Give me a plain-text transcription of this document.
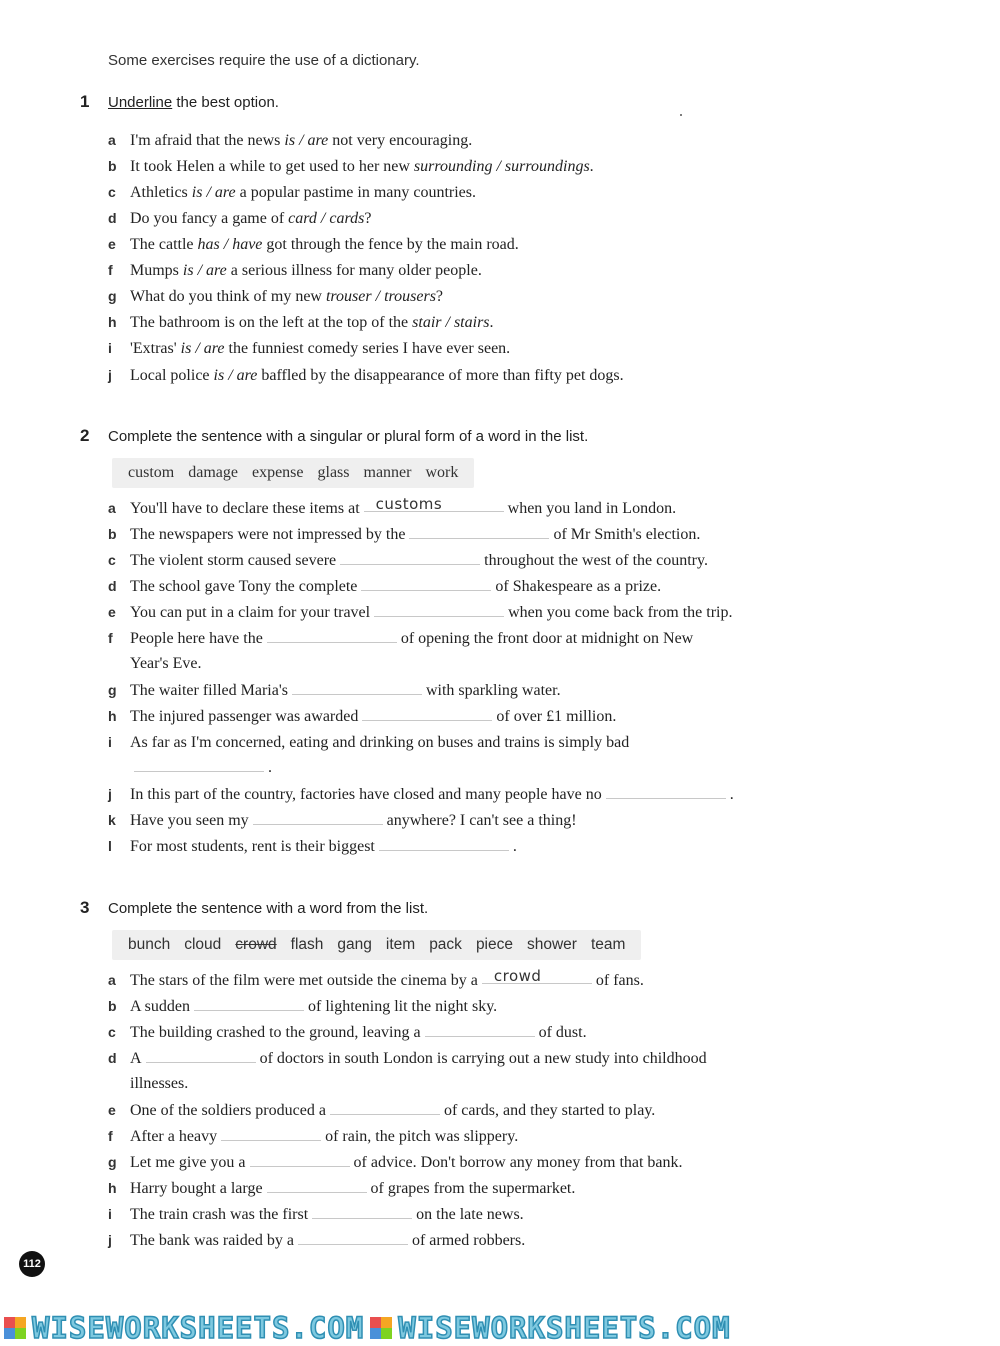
Some exercises require the use of a dictionary.
1 Underline the best option.
a I'm afraid that the news is / are not very encouraging.
b It took Helen a while to get used to her new surrounding / surroundings.
c Athletics is / are a popular pastime in many countries.
d Do you fancy a game of card / cards?
e The cattle has / have got through the fence by the main road.
f Mumps is / are a serious illness for many older people.
g What do you think of my new trouser / trousers?
h The bathroom is on the left at the top of the stair / stairs.
i 'Extras' is / are the funniest comedy series I have ever seen.
j Local police is / are baffled by the disappearance of more than fifty pet dogs.
2 Complete the sentence with a singular or plural form of a word in the list.
custom damage expense glass manner work
a You'll have to declare these items at customs	when you land in London.
b The newspapers were not impressed by the	of Mr Smith's election.
c The violent storm caused severe	throughout the west of the country.
d The school gave Tony the complete	of Shakespeare as a prize.
e You can put in a claim for your travel	when you come back from the trip.
f People here have the	of opening the front door at midnight on New
Year's Eve.
g The waiter filled Maria's	with sparkling water.
h The injured passenger was awarded	of over £1 million.
i As far as I'm concerned, eating and drinking on buses and trains is simply bad
.
j In this part of the country, factories have closed and many people have no	.
k Have you seen my	anywhere? I can't see a thing!
l For most students, rent is their biggest	.
3 Complete the sentence with a word from the list.
bunch cloud crowd flash gang item pack piece shower team
a The stars of the film were met outside the cinema by a crowd	of fans.
b A sudden	of lightening lit the night sky.
c The building crashed to the ground, leaving a	of dust.
d A	of doctors in south London is carrying out a new study into childhood
illnesses.
e One of the soldiers produced a	of cards, and they started to play.
f After a heavy	of rain, the pitch was slippery.
g Let me give you a	of advice. Don't borrow any money from that bank.
h Harry bought a large	of grapes from the supermarket.
i The train crash was the first	on the late news.
j The bank was raided by a	of armed robbers.
112
WISEWORKSHEETS.COM WISEWORKSHEETS.COM
